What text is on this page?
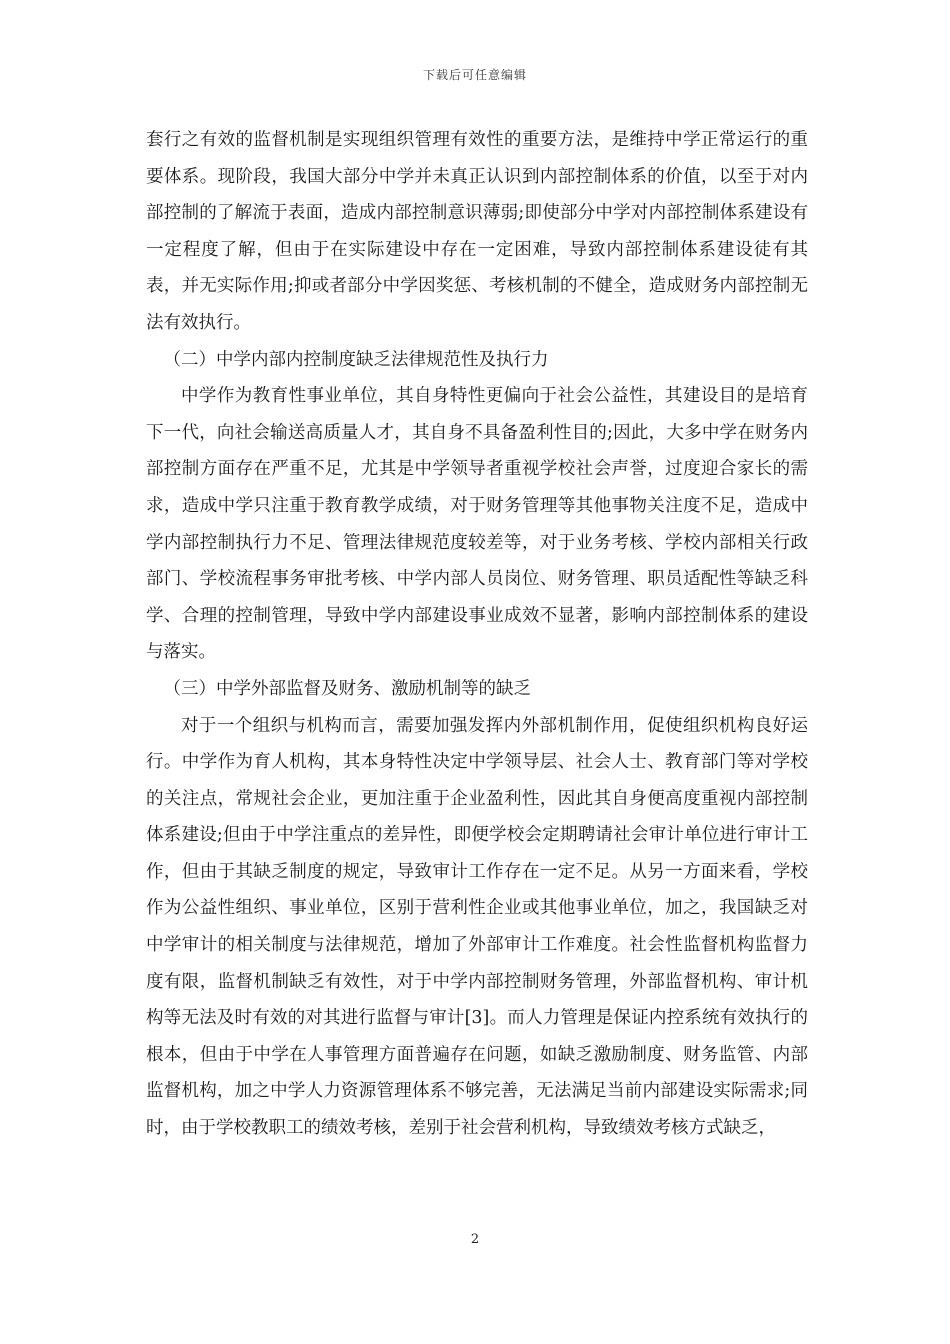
下载后可任意编辑

套行之有效的监督机制是实现组织管理有效性的重要方法，是维持中学正常运行的重要体系。现阶段，我国大部分中学并未真正认识到内部控制体系的价值，以至于对内部控制的了解流于表面，造成内部控制意识薄弱;即使部分中学对内部控制体系建设有一定程度了解，但由于在实际建设中存在一定困难，导致内部控制体系建设徒有其表，并无实际作用;抑或者部分中学因奖惩、考核机制的不健全，造成财务内部控制无法有效执行。

（二）中学内部内控制度缺乏法律规范性及执行力

中学作为教育性事业单位，其自身特性更偏向于社会公益性，其建设目的是培育下一代，向社会输送高质量人才，其自身不具备盈利性目的;因此，大多中学在财务内部控制方面存在严重不足，尤其是中学领导者重视学校社会声誉，过度迎合家长的需求，造成中学只注重于教育教学成绩，对于财务管理等其他事物关注度不足，造成中学内部控制执行力不足、管理法律规范度较差等，对于业务考核、学校内部相关行政部门、学校流程事务审批考核、中学内部人员岗位、财务管理、职员适配性等缺乏科学、合理的控制管理，导致中学内部建设事业成效不显著，影响内部控制体系的建设与落实。

（三）中学外部监督及财务、激励机制等的缺乏

对于一个组织与机构而言，需要加强发挥内外部机制作用，促使组织机构良好运行。中学作为育人机构，其本身特性决定中学领导层、社会人士、教育部门等对学校的关注点，常规社会企业，更加注重于企业盈利性，因此其自身便高度重视内部控制体系建设;但由于中学注重点的差异性，即便学校会定期聘请社会审计单位进行审计工作，但由于其缺乏制度的规定，导致审计工作存在一定不足。从另一方面来看，学校作为公益性组织、事业单位，区别于营利性企业或其他事业单位，加之，我国缺乏对中学审计的相关制度与法律规范，增加了外部审计工作难度。社会性监督机构监督力度有限，监督机制缺乏有效性，对于中学内部控制财务管理，外部监督机构、审计机构等无法及时有效的对其进行监督与审计[3]。而人力管理是保证内控系统有效执行的根本，但由于中学在人事管理方面普遍存在问题，如缺乏激励制度、财务监管、内部监督机构，加之中学人力资源管理体系不够完善，无法满足当前内部建设实际需求;同时，由于学校教职工的绩效考核，差别于社会营利机构，导致绩效考核方式缺乏，

2
